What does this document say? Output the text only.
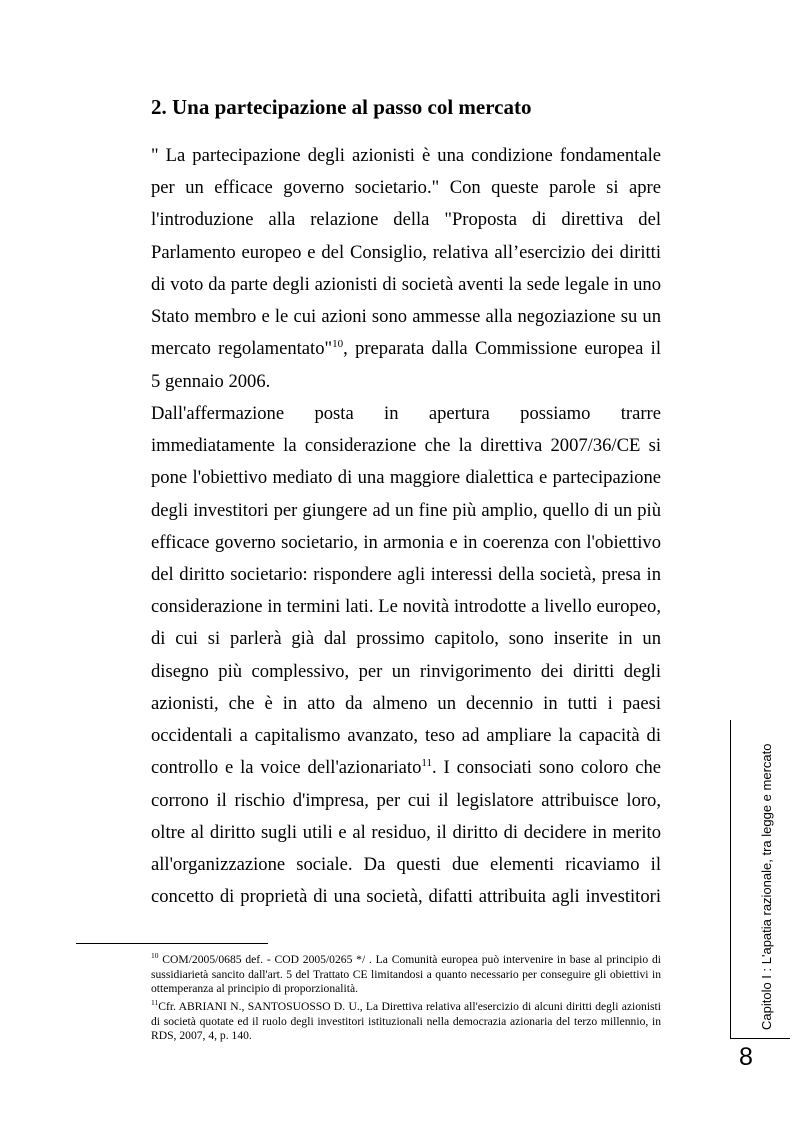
2. Una partecipazione al passo col mercato

" La partecipazione degli azionisti è una condizione fondamentale

per un efficace governo societario." Con queste parole si apre

l'introduzione alla relazione della "Proposta di direttiva del

Parlamento europeo e del Consiglio, relativa all’esercizio dei diritti

di voto da parte degli azionisti di società aventi la sede legale in uno

Stato membro e le cui azioni sono ammesse alla negoziazione su un

mercato regolamentato"$^{10}$, preparata dalla Commissione europea il

5 gennaio 2006.

Dall'affermazione posta in apertura possiamo trarre

immediatamente la considerazione che la direttiva 2007/36/CE si

pone l'obiettivo mediato di una maggiore dialettica e partecipazione

degli investitori per giungere ad un fine più amplio, quello di un più

efficace governo societario, in armonia e in coerenza con l'obiettivo

del diritto societario: rispondere agli interessi della società, presa in

considerazione in termini lati. Le novità introdotte a livello europeo,

di cui si parlerà già dal prossimo capitolo, sono inserite in un

disegno più complessivo, per un rinvigorimento dei diritti degli

azionisti, che è in atto da almeno un decennio in tutti i paesi

occidentali a capitalismo avanzato, teso ad ampliare la capacità di

controllo e la voice dell'azionariato$^{11}$. I consociati sono coloro che

corrono il rischio d'impresa, per cui il legislatore attribuisce loro,

oltre al diritto sugli utili e al residuo, il diritto di decidere in merito

all'organizzazione sociale. Da questi due elementi ricaviamo il

concetto di proprietà di una società, difatti attribuita agli investitori

$^{10}$ COM/2005/0685 def. - COD 2005/0265 */ . La Comunità europea può intervenire in base al principio di sussidiarietà sancito dall'art. 5 del Trattato CE limitandosi a quanto necessario per conseguire gli obiettivi in ottemperanza al principio di proporzionalità.

$^{11}$Cfr. ABRIANI N., SANTOSUOSSO D. U., La Direttiva relativa all'esercizio di alcuni diritti degli azionisti di società quotate ed il ruolo degli investitori istituzionali nella democrazia azionaria del terzo millennio, in RDS, 2007, 4, p. 140.

Capitolo I : L'apatia razionale, tra legge e mercato
8
